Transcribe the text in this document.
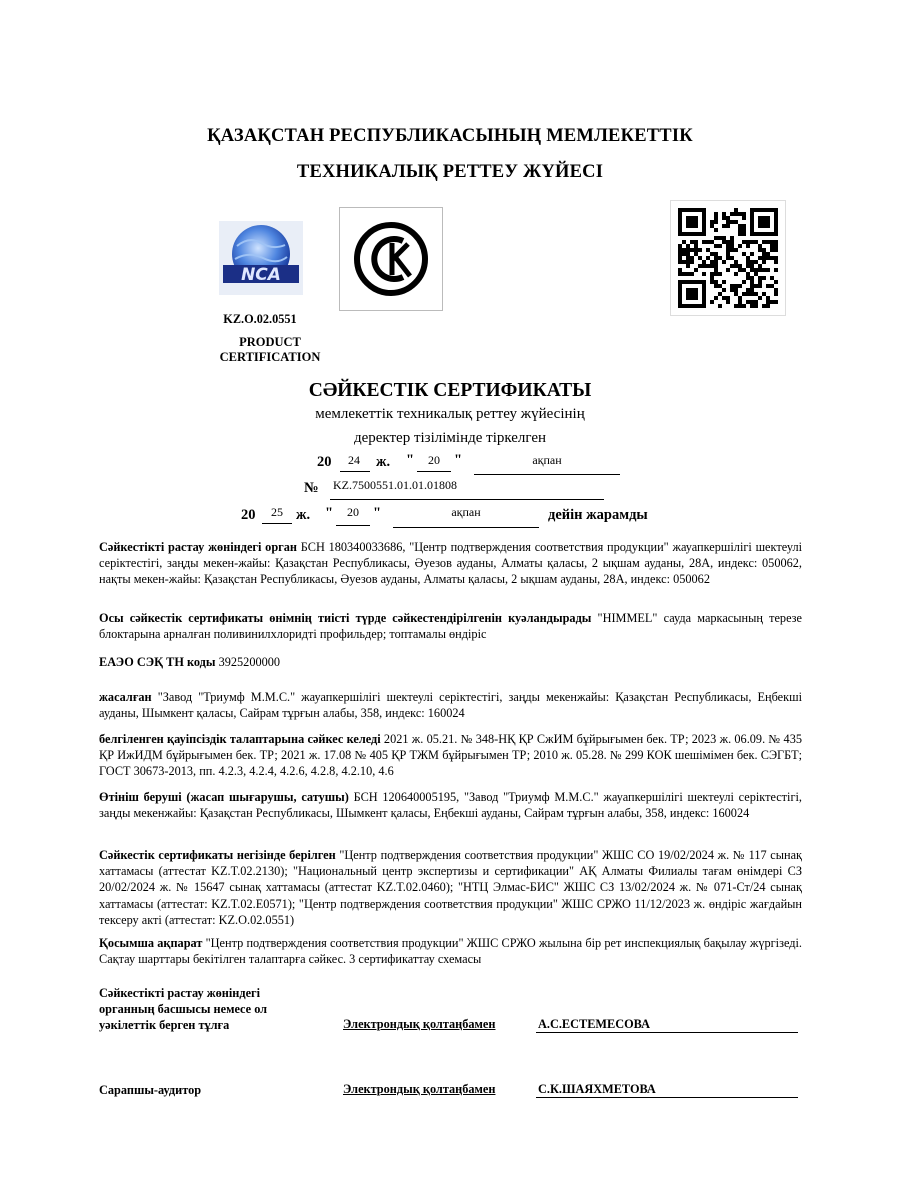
ҚАЗАҚСТАН РЕСПУБЛИКАСЫНЫҢ МЕМЛЕКЕТТІК
ТЕХНИКАЛЫҚ РЕТТЕУ ЖҮЙЕСІ
NCA
KZ.O.02.0551
PRODUCT
CERTIFICATION
СӘЙКЕСТІК СЕРТИФИКАТЫ
мемлекеттік техникалық реттеу жүйесінің
деректер тізілімінде тіркелген
20	24	ж. "	20 "	ақпан
№ KZ.7500551.01.01.01808
20	25 ж. "	20 "	ақпан	дейін жарамды
Сәйкестікті растау жөніндегі орган БСН 180340033686, "Центр подтверждения соответствия продукции" жауапкершілігі шектеулі серіктестігі, заңды мекен-жайы: Қазақстан Республикасы, Әуезов ауданы, Алматы қаласы, 2 ықшам ауданы, 28А, индекс: 050062, нақты мекен-жайы: Қазақстан Республикасы, Әуезов ауданы, Алматы қаласы, 2 ықшам ауданы, 28А, индекс: 050062
Осы сәйкестік сертификаты өнімнің тиісті түрде сәйкестендірілгенін куәландырады "HIMMEL" сауда маркасының терезе блоктарына арналған поливинилхлоридті профильдер; топтамалы өндіріс
ЕАЭО СЭҚ ТН коды 3925200000
жасалған "Завод "Триумф М.М.С." жауапкершілігі шектеулі серіктестігі, заңды мекенжайы: Қазақстан Республикасы, Еңбекші ауданы, Шымкент қаласы, Сайрам тұрғын алабы, 358, индекс: 160024
белгіленген қауіпсіздік талаптарына сәйкес келеді 2021 ж. 05.21. № 348-НҚ ҚР СжИМ бұйрығымен бек. ТР; 2023 ж. 06.09. № 435 ҚР ИжИДМ бұйрығымен бек. ТР; 2021 ж. 17.08 № 405 ҚР ТЖМ бұйрығымен ТР; 2010 ж. 05.28. № 299 КОК шешімімен бек. СЭГБТ; ГОСТ 30673-2013, пп. 4.2.3, 4.2.4, 4.2.6, 4.2.8, 4.2.10, 4.6
Өтініш беруші (жасап шығарушы, сатушы) БСН 120640005195, "Завод "Триумф М.М.С." жауапкершілігі шектеулі серіктестігі, заңды мекенжайы: Қазақстан Республикасы, Шымкент қаласы, Еңбекші ауданы, Сайрам тұрғын алабы, 358, индекс: 160024
Сәйкестік сертификаты негізінде берілген "Центр подтверждения соответствия продукции" ЖШС СО 19/02/2024 ж. № 117 сынақ хаттамасы (аттестат KZ.T.02.2130); "Национальный центр экспертизы и сертификации" АҚ Алматы Филиалы тағам өнімдері СЗ 20/02/2024 ж. № 15647 сынақ хаттамасы (аттестат KZ.T.02.0460); "НТЦ Элмас-БИС" ЖШС СЗ 13/02/2024 ж. № 071-Ст/24 сынақ хаттамасы (аттестат: KZ.T.02.E0571); "Центр подтверждения соответствия продукции" ЖШС СРЖО 11/12/2023 ж. өндіріс жағдайын тексеру акті (аттестат: KZ.O.02.0551)
Қосымша ақпарат "Центр подтверждения соответствия продукции" ЖШС СРЖО жылына бір рет инспекциялық бақылау жүргізеді. Сақтау шарттары бекітілген талаптарға сәйкес. 3 сертификаттау схемасы
Сәйкестікті растау жөніндегі
органның басшысы немесе ол
уәкілеттік берген тұлға	Электрондық қолтаңбамен	А.С.ЕСТЕМЕСОВА
Сарапшы-аудитор	Электрондық қолтаңбамен	С.К.ШАЯХМЕТОВА
